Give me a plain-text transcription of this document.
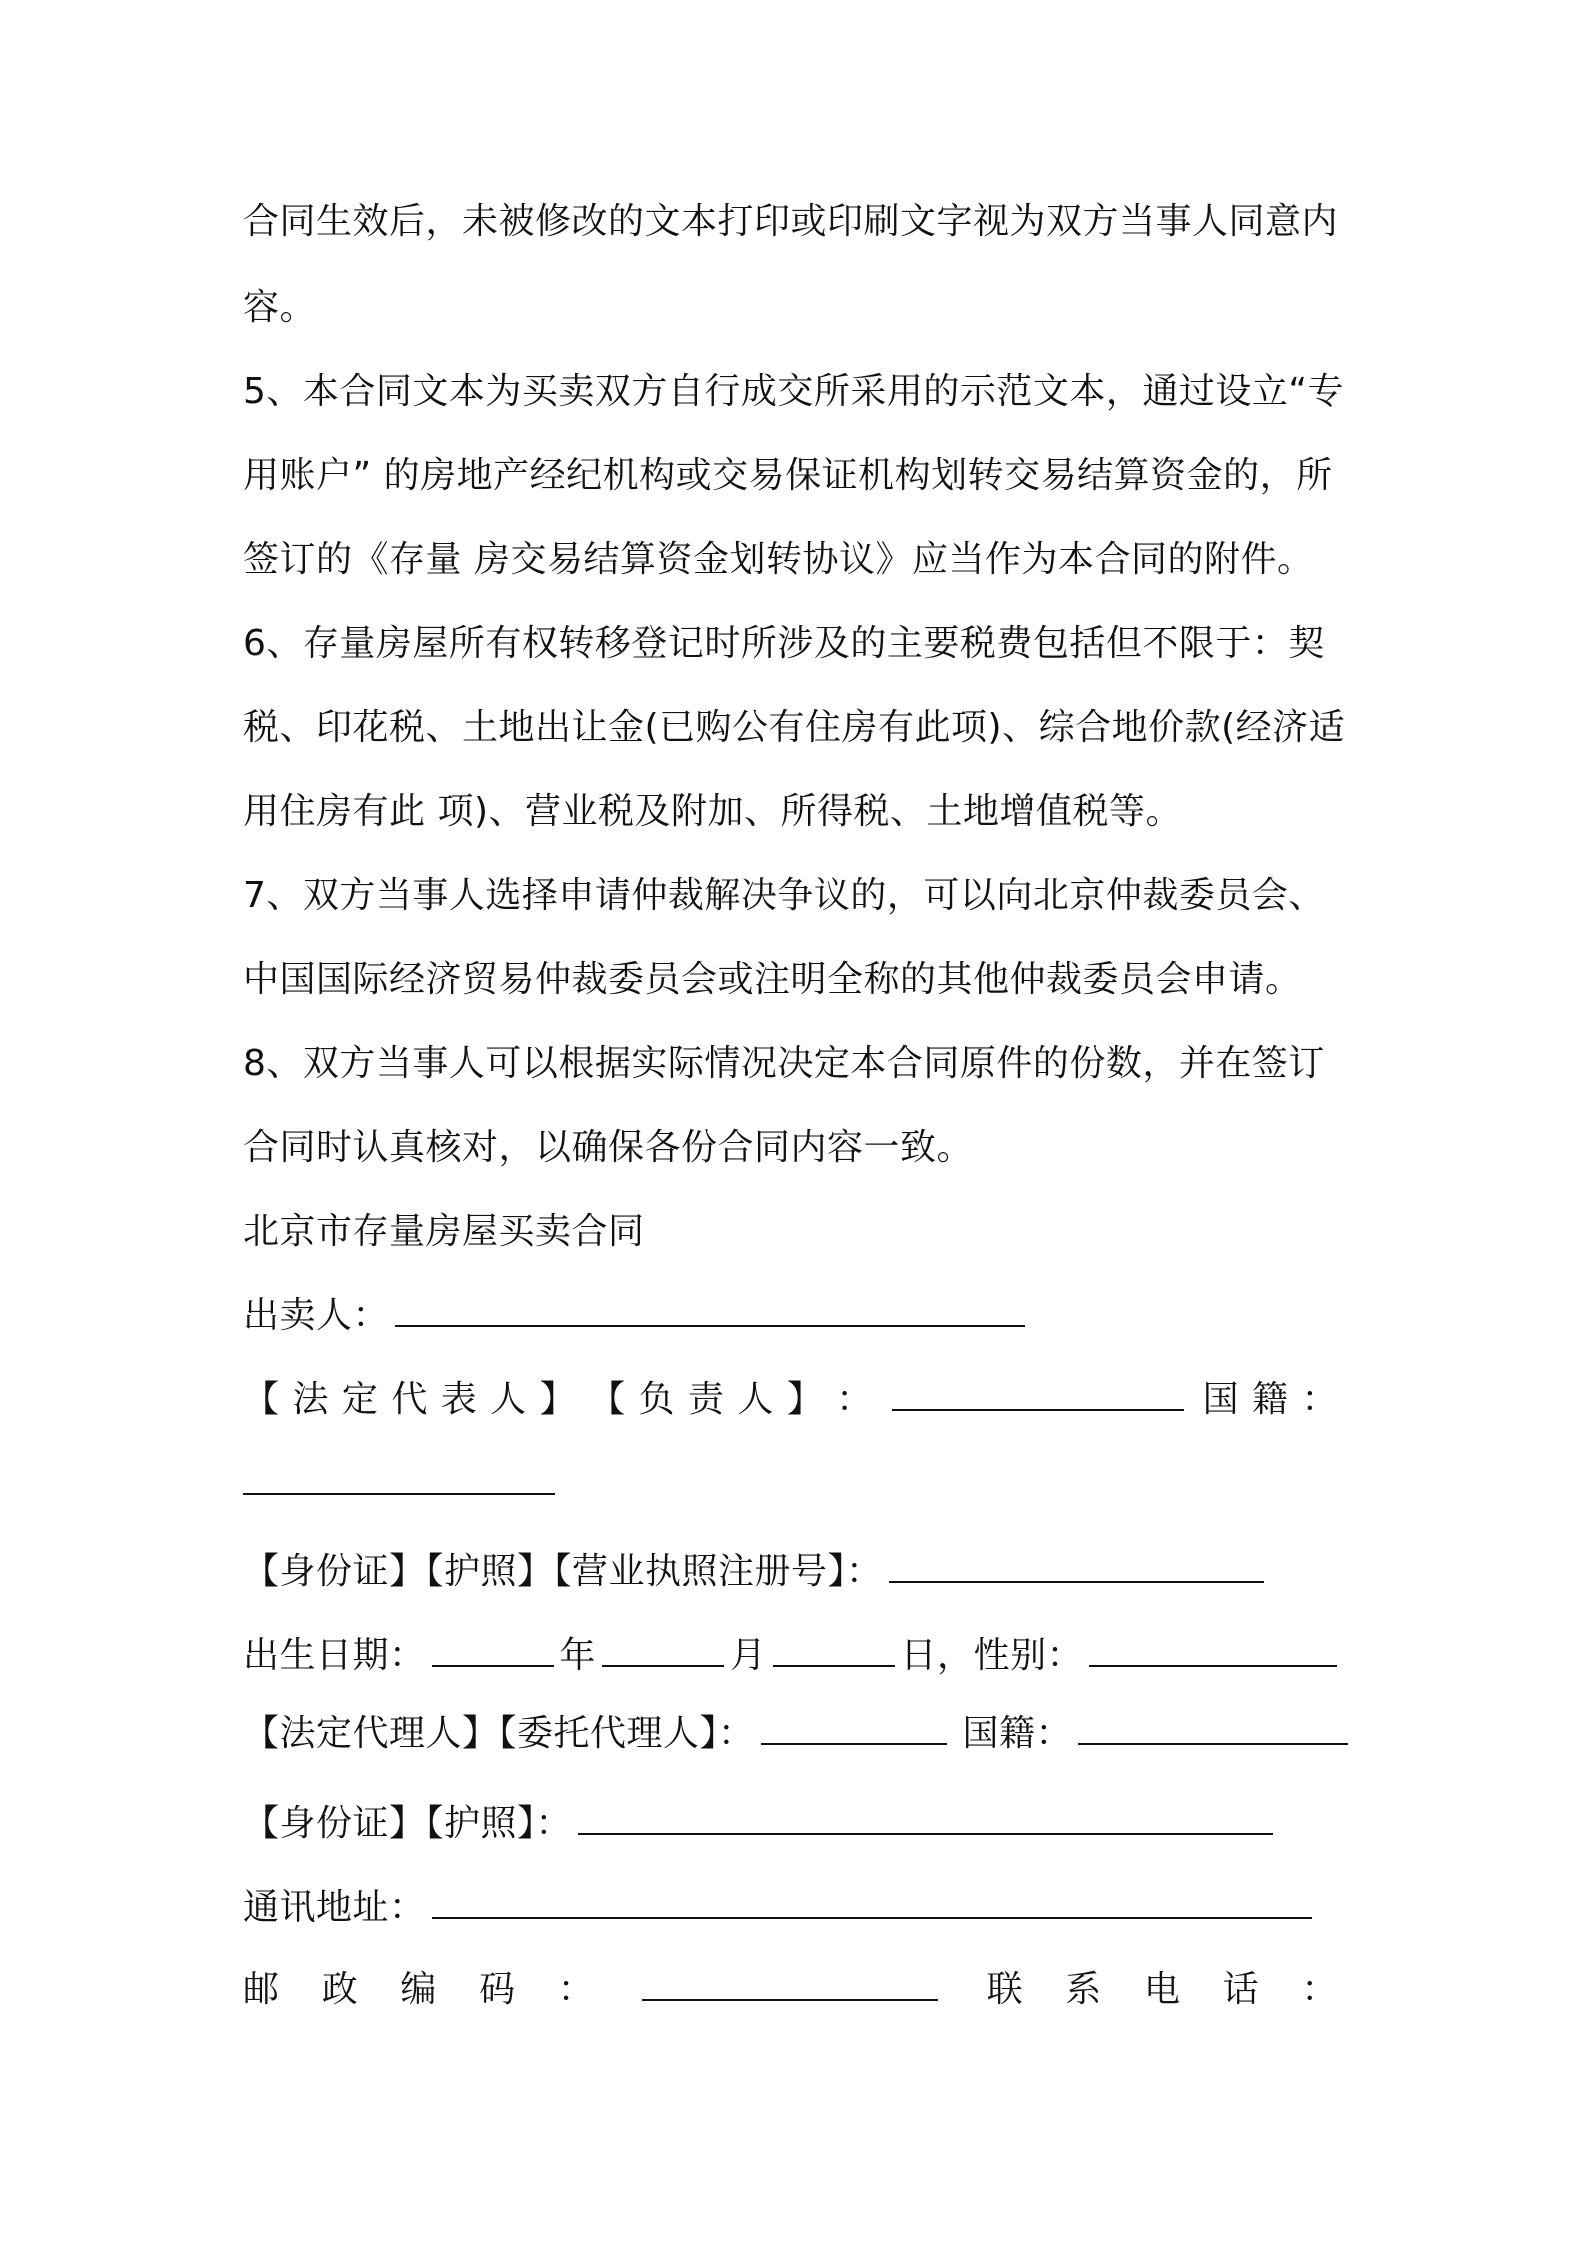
合同生效后，未被修改的文本打印或印刷文字视为双方当事人同意内
容。
5、本合同文本为买卖双方自行成交所采用的示范文本，通过设立“专
用账户” 的房地产经纪机构或交易保证机构划转交易结算资金的，所
签订的《存量 房交易结算资金划转协议》应当作为本合同的附件。
6、存量房屋所有权转移登记时所涉及的主要税费包括但不限于：契
税、印花税、土地出让金(已购公有住房有此项)、综合地价款(经济适
用住房有此 项)、营业税及附加、所得税、土地增值税等。
7、双方当事人选择申请仲裁解决争议的，可以向北京仲裁委员会、
中国国际经济贸易仲裁委员会或注明全称的其他仲裁委员会申请。
8、双方当事人可以根据实际情况决定本合同原件的份数，并在签订
合同时认真核对，以确保各份合同内容一致。
北京市存量房屋买卖合同
出卖人：
【 法 定 代 表 人 】 【 负 责 人 】 ：	国 籍 ：
【身份证】【护照】【营业执照注册号】：
出生日期：	年	月	日，性别：
【法定代理人】【委托代理人】：	国籍：
【身份证】【护照】：
通讯地址：
邮 政 编 码 ：	联 系 电 话 ：
